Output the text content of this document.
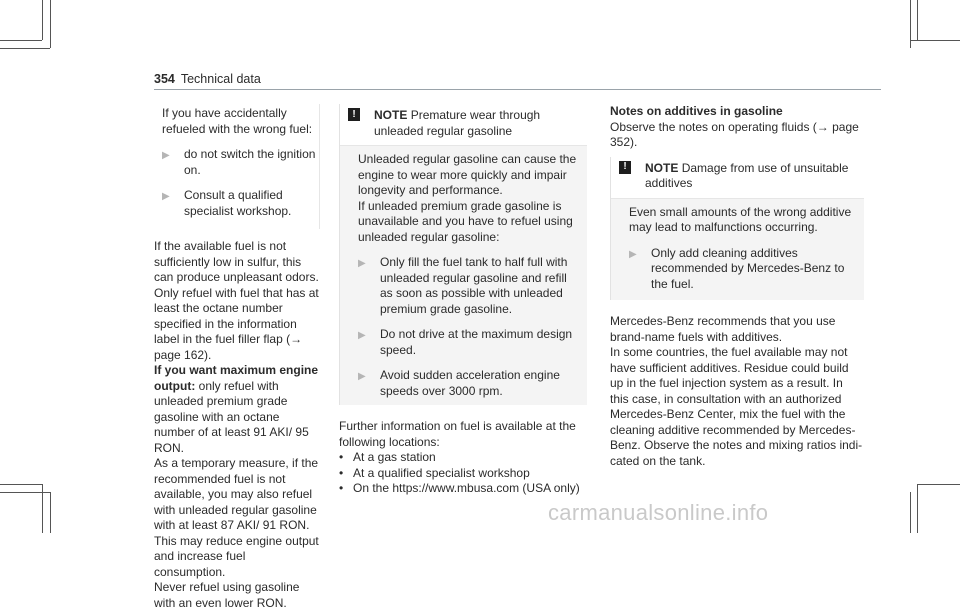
354 Technical data

If you have accidentally refueled with the wrong fuel:

▶	do not switch the ignition on.
▶	Consult a qualified specialist workshop.

If the available fuel is not sufficiently low in sulfur, this can produce unpleasant odors.

Only refuel with fuel that has at least the octane number specified in the information label in the fuel filler flap (→ page 162).

If you want maximum engine output: only refuel with unleaded premium grade gasoline with an octane number of at least 91 AKI/ 95 RON.

As a temporary measure, if the recommended fuel is not available, you may also refuel with unleaded regular gasoline with at least 87 AKI/ 91 RON. This may reduce engine output and increase fuel consumption.

Never refuel using gasoline with an even lower RON.

!	NOTE Premature wear through unleaded regular gasoline

Unleaded regular gasoline can cause the engine to wear more quickly and impair longevity and performance.

If unleaded premium grade gasoline is unavailable and you have to refuel using unleaded regular gasoline:

▶	Only fill the fuel tank to half full with unleaded regular gasoline and refill as soon as possible with unleaded premium grade gasoline.
▶	Do not drive at the maximum design speed.
▶	Avoid sudden acceleration engine speeds over 3000 rpm.

Further information on fuel is available at the following locations:

• At a gas station
• At a qualified specialist workshop
• On the https://www.mbusa.com (USA only)

Notes on additives in gasoline

Observe the notes on operating fluids (→ page 352).

!	NOTE Damage from use of unsuitable additives

Even small amounts of the wrong additive may lead to malfunctions occurring.

▶	Only add cleaning additives recommended by Mercedes-Benz to the fuel.

Mercedes-Benz recommends that you use brand-name fuels with additives.

In some countries, the fuel available may not have sufficient additives. Residue could build up in the fuel injection system as a result. In this case, in consultation with an authorized Mercedes-Benz Center, mix the fuel with the cleaning additive recommended by Mercedes-Benz. Observe the notes and mixing ratios indicated on the tank.

carmanualsonline.info
